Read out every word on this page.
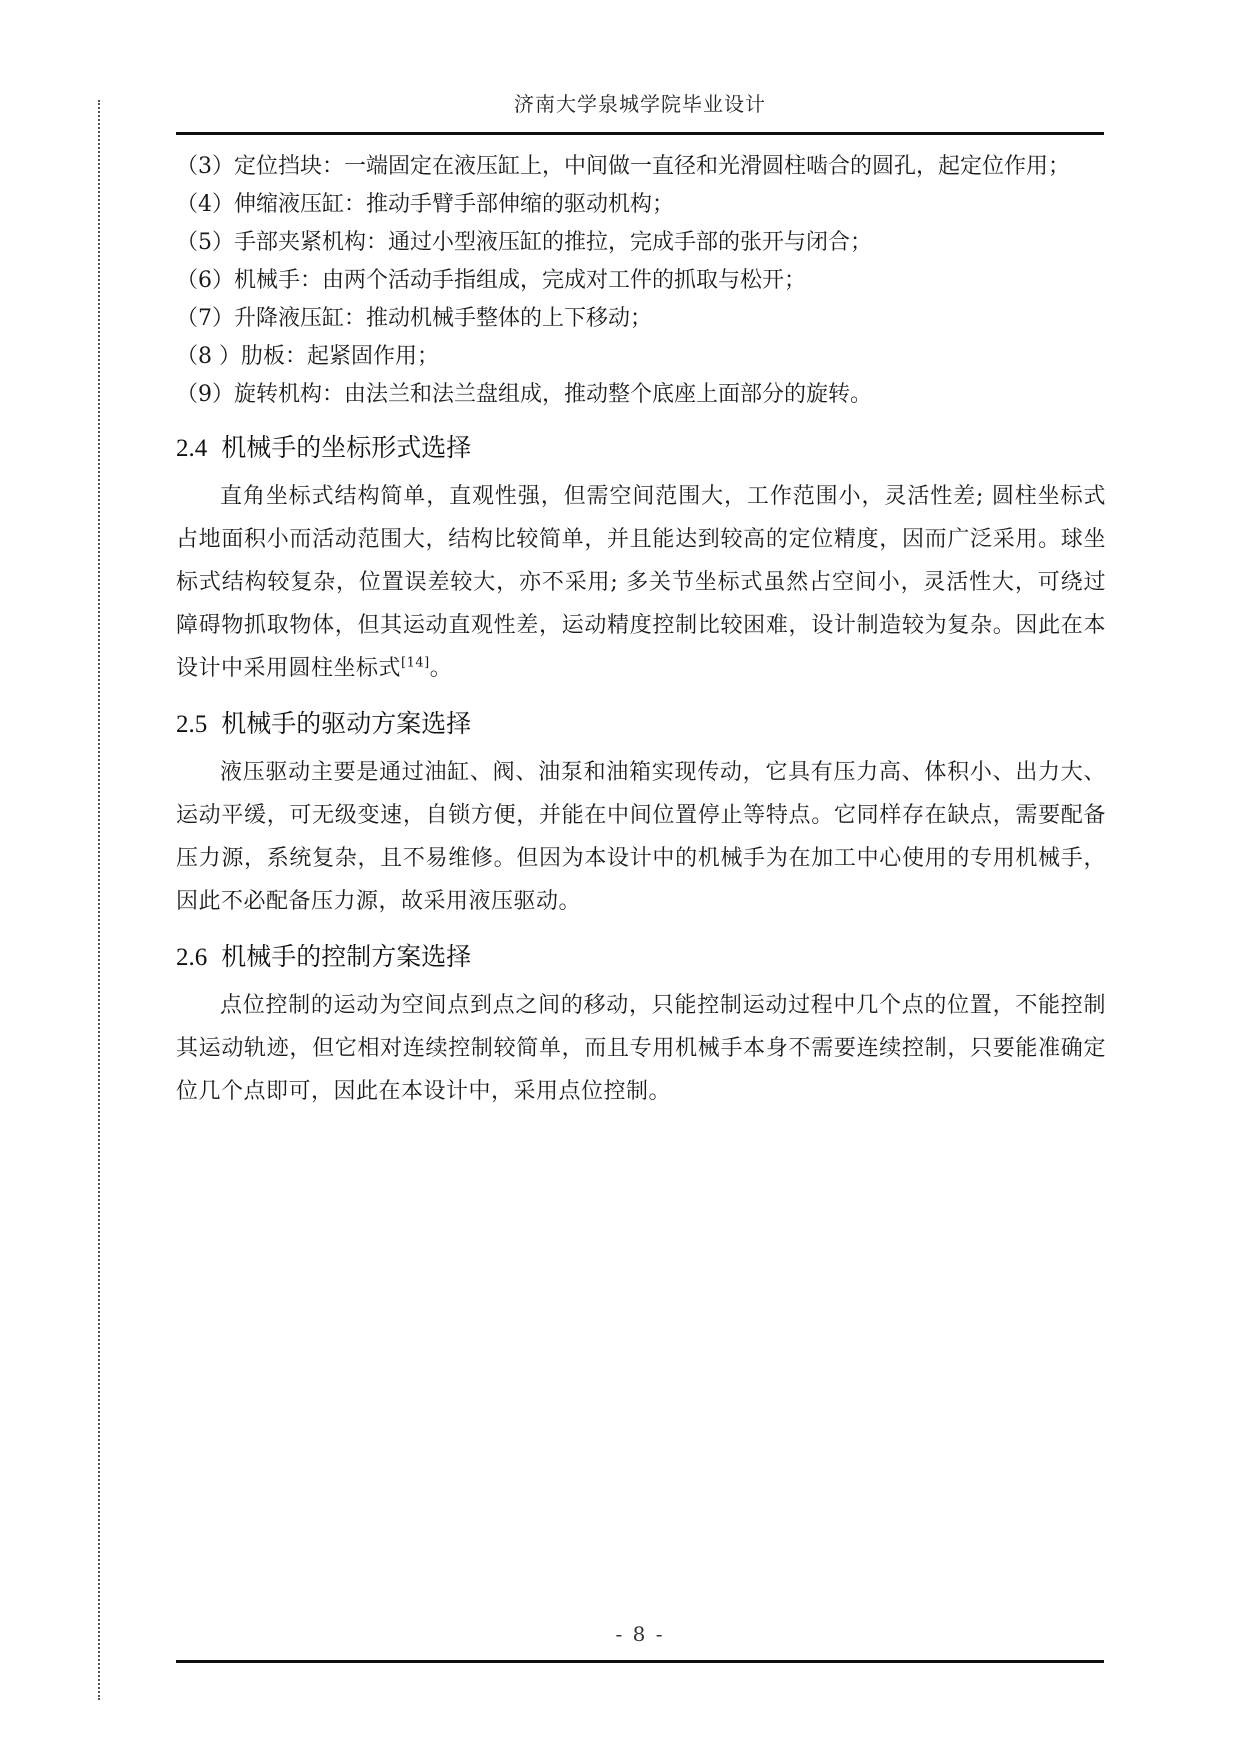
济南大学泉城学院毕业设计

（3）定位挡块：一端固定在液压缸上，中间做一直径和光滑圆柱啮合的圆孔，起定位作用；

（4）伸缩液压缸：推动手臂手部伸缩的驱动机构；

（5）手部夹紧机构：通过小型液压缸的推拉，完成手部的张开与闭合；

（6）机械手：由两个活动手指组成，完成对工件的抓取与松开；

（7）升降液压缸：推动机械手整体的上下移动；

（8 ）肋板：起紧固作用；

（9）旋转机构：由法兰和法兰盘组成，推动整个底座上面部分的旋转。

2.4 机械手的坐标形式选择

直角坐标式结构简单，直观性强，但需空间范围大，工作范围小，灵活性差; 圆柱坐标式占地面积小而活动范围大，结构比较简单，并且能达到较高的定位精度，因而广泛采用。球坐标式结构较复杂，位置误差较大，亦不采用; 多关节坐标式虽然占空间小，灵活性大，可绕过障碍物抓取物体，但其运动直观性差，运动精度控制比较困难，设计制造较为复杂。因此在本设计中采用圆柱坐标式[14]。

2.5 机械手的驱动方案选择

液压驱动主要是通过油缸、阀、油泵和油箱实现传动，它具有压力高、体积小、出力大、运动平缓，可无级变速，自锁方便，并能在中间位置停止等特点。它同样存在缺点，需要配备压力源，系统复杂，且不易维修。但因为本设计中的机械手为在加工中心使用的专用机械手，因此不必配备压力源，故采用液压驱动。

2.6 机械手的控制方案选择

点位控制的运动为空间点到点之间的移动，只能控制运动过程中几个点的位置，不能控制其运动轨迹，但它相对连续控制较简单，而且专用机械手本身不需要连续控制，只要能准确定位几个点即可，因此在本设计中，采用点位控制。

- 8 -
